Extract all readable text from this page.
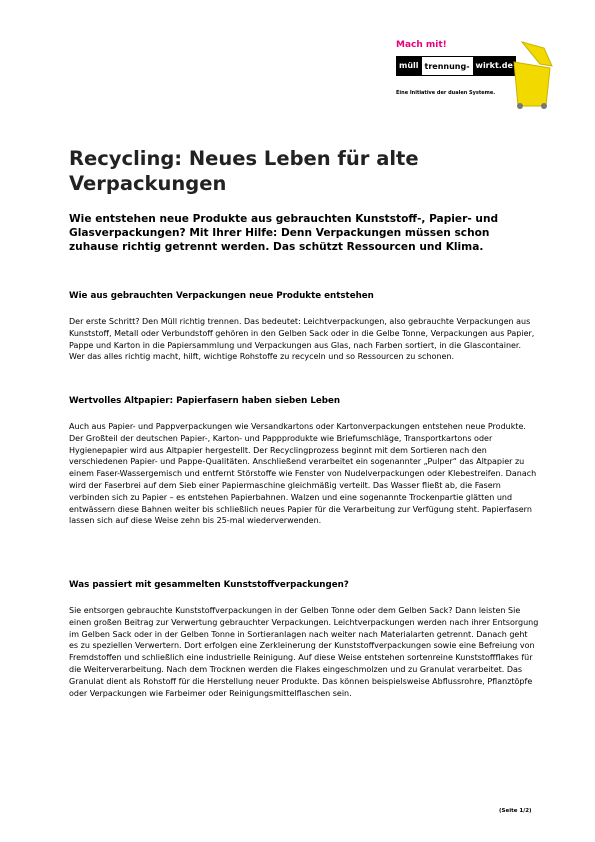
Mach mit!
müll trennung- wirkt.de
Eine Initiative der dualen Systeme.
Recycling: Neues Leben für alte Verpackungen

Wie entstehen neue Produkte aus gebrauchten Kunststoff-, Papier- und Glasverpackungen? Mit Ihrer Hilfe: Denn Verpackungen müssen schon zuhause richtig getrennt werden. Das schützt Ressourcen und Klima.

Wie aus gebrauchten Verpackungen neue Produkte entstehen

Der erste Schritt? Den Müll richtig trennen. Das bedeutet: Leichtverpackungen, also gebrauchte Verpackungen aus Kunststoff, Metall oder Verbundstoff gehören in den Gelben Sack oder in die Gelbe Tonne, Verpackungen aus Papier, Pappe und Karton in die Papiersammlung und Verpackungen aus Glas, nach Farben sortiert, in die Glascontainer. Wer das alles richtig macht, hilft, wichtige Rohstoffe zu recyceln und so Ressourcen zu schonen.

Wertvolles Altpapier: Papierfasern haben sieben Leben

Auch aus Papier- und Pappverpackungen wie Versandkartons oder Kartonverpackungen entstehen neue Produkte. Der Großteil der deutschen Papier-, Karton- und Pappprodukte wie Briefumschläge, Transportkartons oder Hygienepapier wird aus Altpapier hergestellt. Der Recyclingprozess beginnt mit dem Sortieren nach den verschiedenen Papier- und Pappe-Qualitäten. Anschließend verarbeitet ein sogenannter „Pulper“ das Altpapier zu einem Faser-Wassergemisch und entfernt Störstoffe wie Fenster von Nudelverpackungen oder Klebestreifen. Danach wird der Faserbrei auf dem Sieb einer Papiermaschine gleichmäßig verteilt. Das Wasser fließt ab, die Fasern verbinden sich zu Papier – es entstehen Papierbahnen. Walzen und eine sogenannte Trockenpartie glätten und entwässern diese Bahnen weiter bis schließlich neues Papier für die Verarbeitung zur Verfügung steht. Papierfasern lassen sich auf diese Weise zehn bis 25-mal wiederverwenden.

Was passiert mit gesammelten Kunststoffverpackungen?

Sie entsorgen gebrauchte Kunststoffverpackungen in der Gelben Tonne oder dem Gelben Sack? Dann leisten Sie einen großen Beitrag zur Verwertung gebrauchter Verpackungen. Leichtverpackungen werden nach ihrer Entsorgung im Gelben Sack oder in der Gelben Tonne in Sortieranlagen nach weiter nach Materialarten getrennt. Danach geht es zu speziellen Verwertern. Dort erfolgen eine Zerkleinerung der Kunststoffverpackungen sowie eine Befreiung von Fremdstoffen und schließlich eine industrielle Reinigung. Auf diese Weise entstehen sortenreine Kunststoffflakes für die Weiterverarbeitung. Nach dem Trocknen werden die Flakes eingeschmolzen und zu Granulat verarbeitet. Das Granulat dient als Rohstoff für die Herstellung neuer Produkte. Das können beispielsweise Abflussrohre, Pflanztöpfe oder Verpackungen wie Farbeimer oder Reinigungsmittelflaschen sein.

(Seite 1/2)
